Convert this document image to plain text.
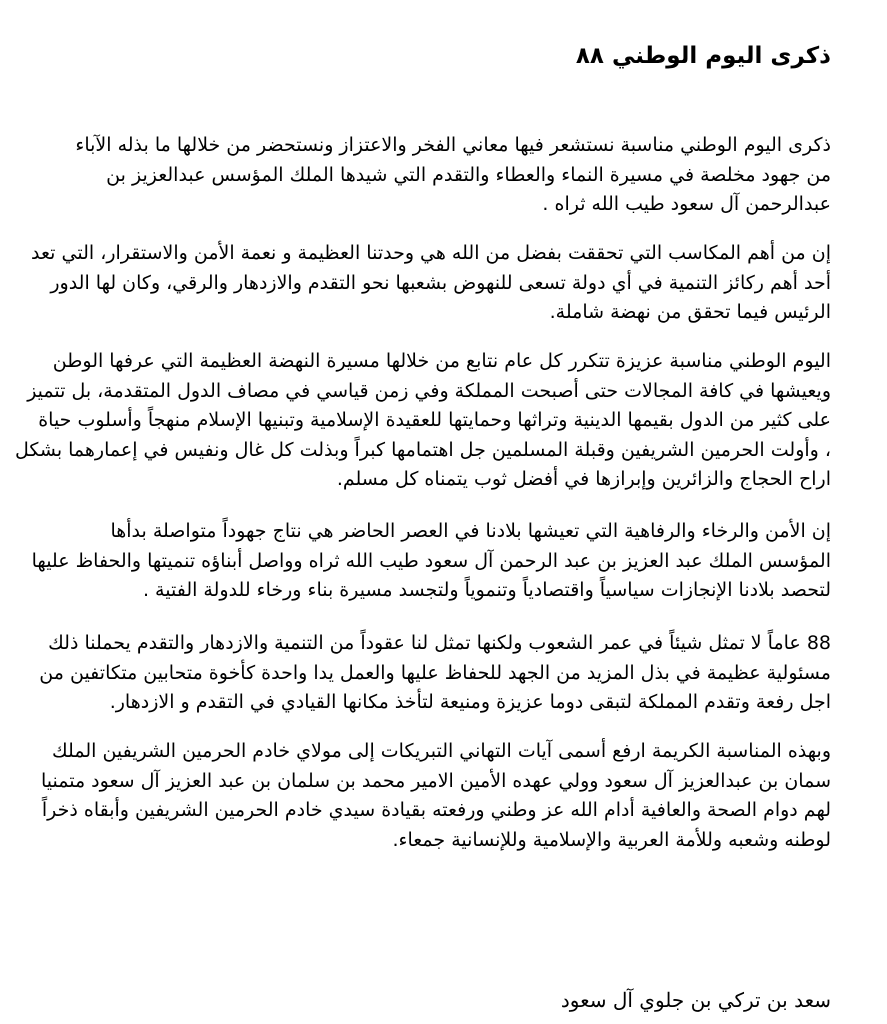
ذكرى اليوم الوطني ٨٨

ذكرى اليوم الوطني مناسبة نستشعر فيها معاني الفخر والاعتزاز ونستحضر من خلالها ما بذله الآباء
من جهود مخلصة في مسيرة النماء والعطاء والتقدم التي شيدها الملك المؤسس عبدالعزيز بن
عبدالرحمن آل سعود طيب الله ثراه .

إن من أهم المكاسب التي تحققت بفضل من الله هي وحدتنا العظيمة و نعمة الأمن والاستقرار، التي تعد
أحد أهم ركائز التنمية في أي دولة تسعى للنهوض بشعبها نحو التقدم والازدهار والرقي، وكان لها الدور
الرئيس فيما تحقق من نهضة شاملة.

اليوم الوطني مناسبة عزيزة تتكرر كل عام نتابع من خلالها مسيرة النهضة العظيمة التي عرفها الوطن
ويعيشها في كافة المجالات حتى أصبحت المملكة وفي زمن قياسي في مصاف الدول المتقدمة، بل تتميز
على كثير من الدول بقيمها الدينية وتراثها وحمايتها للعقيدة الإسلامية وتبنيها الإسلام منهجاً وأسلوب حياة
، وأولت الحرمين الشريفين وقبلة المسلمين جل اهتمامها كبراً وبذلت كل غال ونفيس في إعمارهما بشكل
اراح الحجاج والزائرين وإبرازها في أفضل ثوب يتمناه كل مسلم.

إن الأمن والرخاء والرفاهية التي تعيشها بلادنا في العصر الحاضر هي نتاج جهوداً متواصلة بدأها
المؤسس الملك عبد العزيز بن عبد الرحمن آل سعود طيب الله ثراه وواصل أبناؤه تنميتها والحفاظ عليها
لتحصد بلادنا الإنجازات سياسياً واقتصادياً وتنموياً ولتجسد مسيرة بناء ورخاء للدولة الفتية .

88 عاماً لا تمثل شيئاً في عمر الشعوب ولكنها تمثل لنا عقوداً من التنمية والازدهار والتقدم يحملنا ذلك
مسئولية عظيمة في بذل المزيد من الجهد للحفاظ عليها والعمل يدا واحدة كأخوة متحابين متكاتفين من
اجل رفعة وتقدم المملكة لتبقى دوما عزيزة ومنيعة لتأخذ مكانها القيادي في التقدم و الازدهار.

وبهذه المناسبة الكريمة ارفع أسمى آيات التهاني التبريكات إلى مولاي خادم الحرمين الشريفين الملك
سمان بن عبدالعزيز آل سعود وولي عهده الأمين الامير محمد بن سلمان بن عبد العزيز آل سعود متمنيا
لهم دوام الصحة والعافية أدام الله عز وطني ورفعته بقيادة سيدي خادم الحرمين الشريفين وأبقاه ذخراً
لوطنه وشعبه وللأمة العربية والإسلامية وللإنسانية جمعاء.

سعد بن تركي بن جلوي آل سعود
